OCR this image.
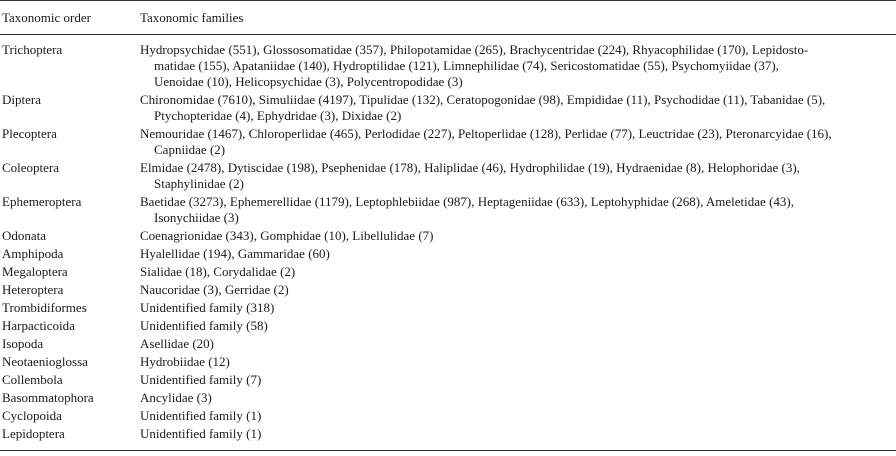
Taxonomic order	Taxonomic families
Trichoptera	Hydropsychidae (551), Glossosomatidae (357), Philopotamidae (265), Brachycentridae (224), Rhyacophilidae (170), Lepidosto-
matidae (155), Apataniidae (140), Hydroptilidae (121), Limnephilidae (74), Sericostomatidae (55), Psychomyiidae (37),
Uenoidae (10), Helicopsychidae (3), Polycentropodidae (3)

Diptera	Chironomidae (7610), Simuliidae (4197), Tipulidae (132), Ceratopogonidae (98), Empididae (11), Psychodidae (11), Tabanidae (5),
Ptychopteridae (4), Ephydridae (3), Dixidae (2)

Plecoptera	Nemouridae (1467), Chloroperlidae (465), Perlodidae (227), Peltoperlidae (128), Perlidae (77), Leuctridae (23), Pteronarcyidae (16),
Capniidae (2)

Coleoptera	Elmidae (2478), Dytiscidae (198), Psephenidae (178), Haliplidae (46), Hydrophilidae (19), Hydraenidae (8), Helophoridae (3),
Staphylinidae (2)

Ephemeroptera	Baetidae (3273), Ephemerellidae (1179), Leptophlebiidae (987), Heptageniidae (633), Leptohyphidae (268), Ameletidae (43),
Isonychiidae (3)

Odonata	Coenagrionidae (343), Gomphidae (10), Libellulidae (7)

Amphipoda	Hyalellidae (194), Gammaridae (60)

Megaloptera	Sialidae (18), Corydalidae (2)

Heteroptera	Naucoridae (3), Gerridae (2)

Trombidiformes	Unidentified family (318)

Harpacticoida	Unidentified family (58)

Isopoda	Asellidae (20)

Neotaenioglossa	Hydrobiidae (12)

Collembola	Unidentified family (7)

Basommatophora	Ancylidae (3)

Cyclopoida	Unidentified family (1)

Lepidoptera	Unidentified family (1)
